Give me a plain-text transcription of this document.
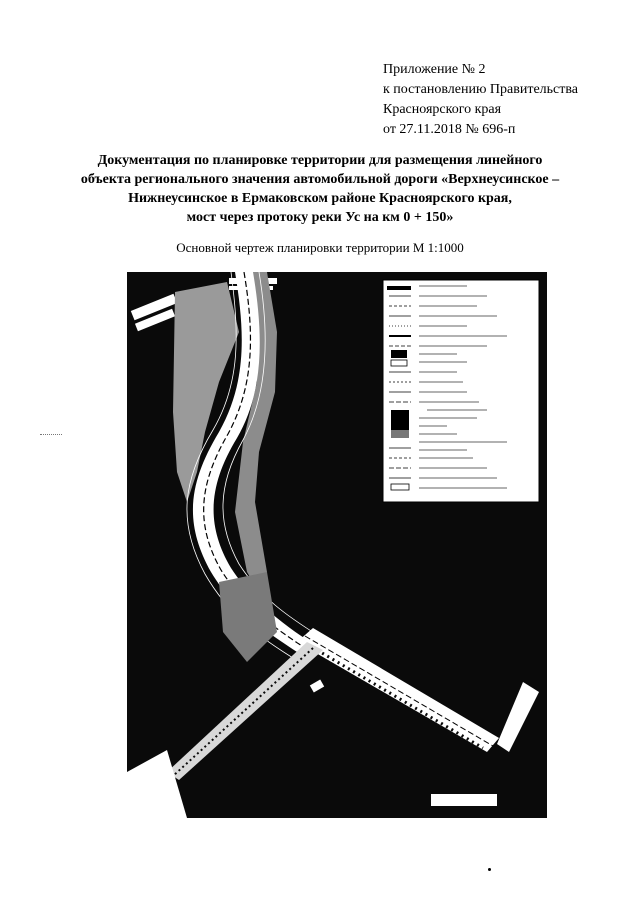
Приложение № 2
к постановлению Правительства
Красноярского края
от 27.11.2018 № 696-п
Документация по планировке территории для размещения линейного
объекта регионального значения автомобильной дороги «Верхнеусинское –
Нижнеусинское в Ермаковском районе Красноярского края,
мост через протоку реки Ус на км 0 + 150»
Основной чертеж планировки территории М 1:1000
